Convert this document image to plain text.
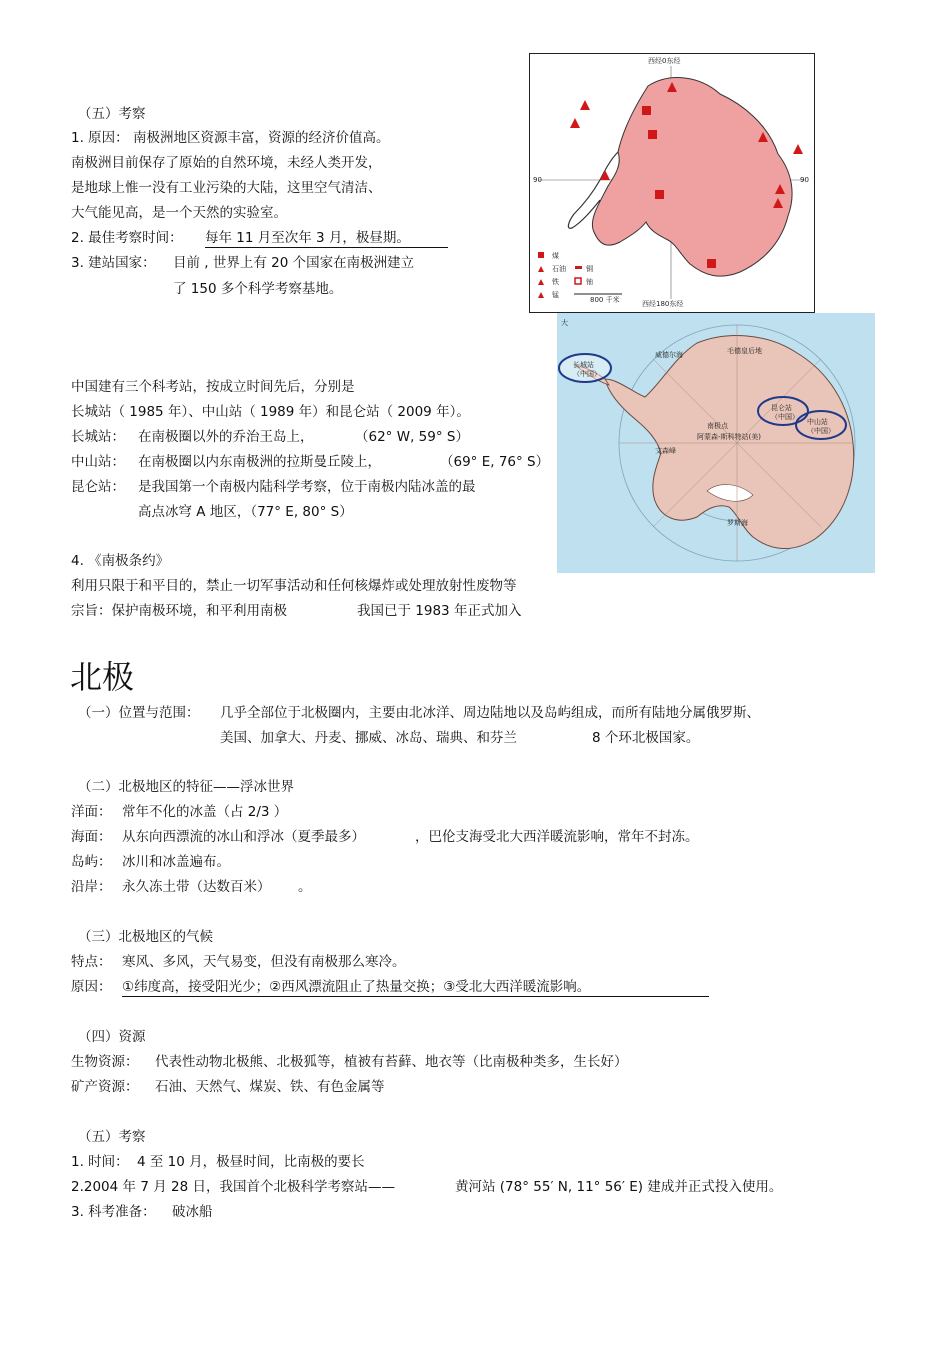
（五）考察
1. 原因： 南极洲地区资源丰富，资源的经济价值高。
南极洲目前保存了原始的自然环境，未经人类开发，
是地球上惟一没有工业污染的大陆，这里空气清洁、
大气能见高，是一个天然的实验室。
2. 最佳考察时间： 每年 11 月至次年 3 月，极昼期。
3. 建站国家： 目前 , 世界上有 20 个国家在南极洲建立
了 150 多个科学考察基地。
中国建有三个科考站，按成立时间先后，分别是
长城站（ 1985 年）、中山站（ 1989 年）和昆仑站（ 2009 年）。
长城站： 在南极圈以外的乔治王岛上，	（62° W, 59° S）
中山站： 在南极圈以内东南极洲的拉斯曼丘陵上，	（69° E, 76° S）
昆仑站： 是我国第一个南极内陆科学考察，位于南极内陆冰盖的最
高点冰穹 A 地区，（77° E, 80° S）
4. 《南极条约》
利用只限于和平目的，禁止一切军事活动和任何核爆炸或处理放射性废物等
宗旨：保护南极环境，和平利用南极	我国已于 1983 年正式加入
西经0东经
西经180东经
90	90
煤
石油	铜
铁	铀
锰
800 千米
威德尔海	毛德皇后地
罗斯海
文森峰
南极点
阿蒙森-斯科特站(美)
大
长城站
（中国）
昆仑站
（中国）
中山站
（中国）
北极
（一）位置与范围： 几乎全部位于北极圈内，主要由北冰洋、周边陆地以及岛屿组成，而所有陆地分属俄罗斯、
美国、加拿大、丹麦、挪威、冰岛、瑞典、和芬兰	8 个环北极国家。
（二）北极地区的特征——浮冰世界
洋面： 常年不化的冰盖（占 2/3 ）
海面： 从东向西漂流的冰山和浮冰（夏季最多）	，巴伦支海受北大西洋暖流影响，常年不封冻。
岛屿： 冰川和冰盖遍布。
沿岸： 永久冻土带（达数百米） 。
（三）北极地区的气候
特点： 寒风、多风，天气易变，但没有南极那么寒冷。
原因： ①纬度高，接受阳光少；②西风漂流阻止了热量交换；③受北大西洋暖流影响。
（四）资源
生物资源： 代表性动物北极熊、北极狐等，植被有苔藓、地衣等（比南极种类多，生长好）
矿产资源： 石油、天然气、煤炭、铁、有色金属等
（五）考察
1. 时间： 4 至 10 月，极昼时间，比南极的要长
2.2004 年 7 月 28 日，我国首个北极科学考察站——	黄河站 (78° 55′ N, 11° 56′ E) 建成并正式投入使用。
3. 科考准备： 破冰船
